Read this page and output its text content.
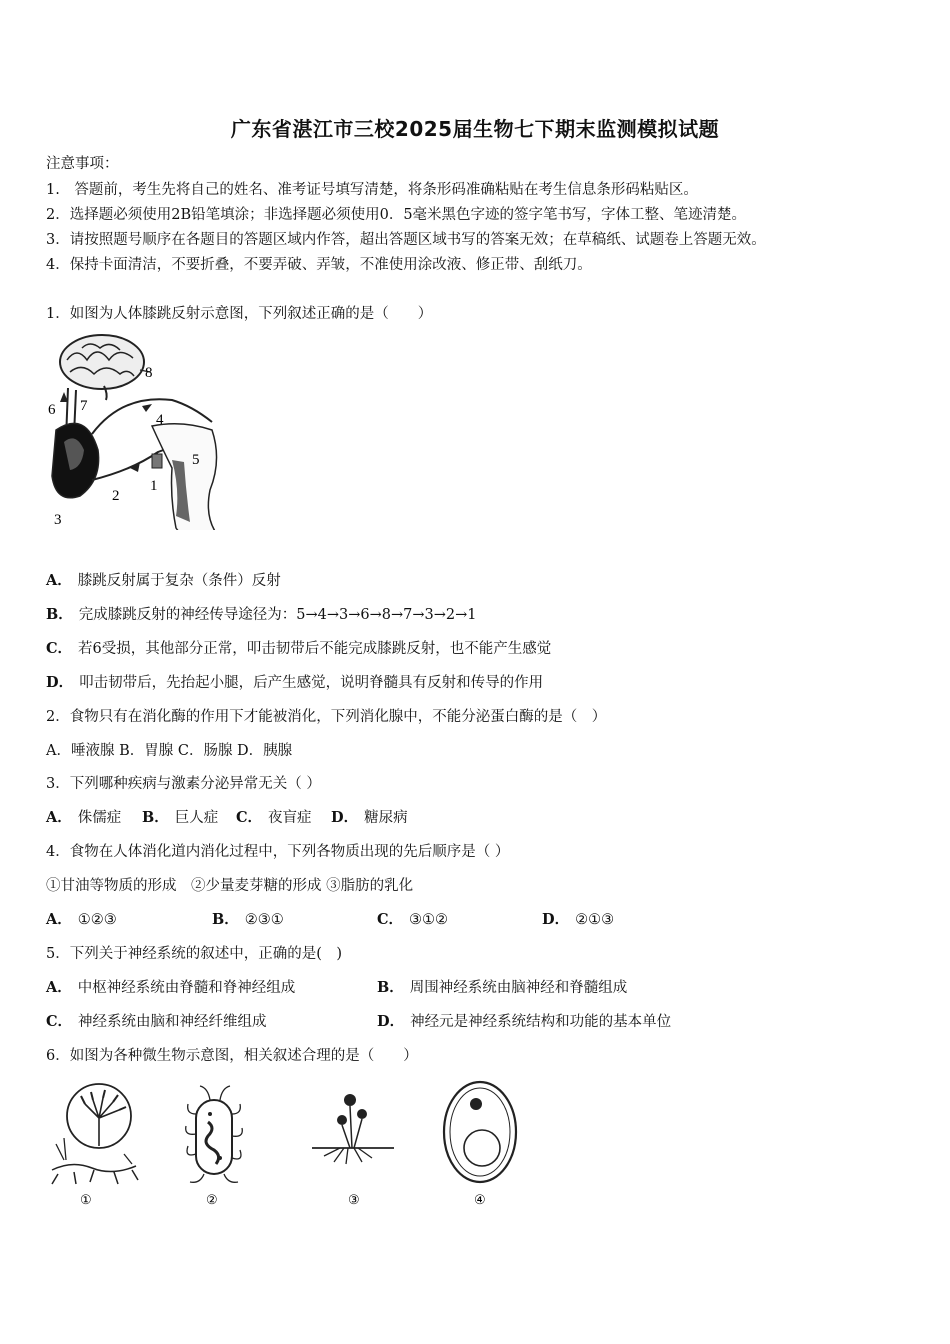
广东省湛江市三校2025届生物七下期末监测模拟试题
注意事项：
1.　答题前，考生先将自己的姓名、准考证号填写清楚，将条形码准确粘贴在考生信息条形码粘贴区。
2．选择题必须使用2B铅笔填涂；非选择题必须使用0．5毫米黑色字迹的签字笔书写，字体工整、笔迹清楚。
3．请按照题号顺序在各题目的答题区域内作答，超出答题区域书写的答案无效；在草稿纸、试题卷上答题无效。
4．保持卡面清洁，不要折叠，不要弄破、弄皱，不准使用涂改液、修正带、刮纸刀。
1．如图为人体膝跳反射示意图，下列叙述正确的是（　　）
8
6 7
4
5
1
2
3
A． 膝跳反射属于复杂（条件）反射
B． 完成膝跳反射的神经传导途径为：5→4→3→6→8→7→3→2→1
C． 若6受损，其他部分正常，叩击韧带后不能完成膝跳反射，也不能产生感觉
D． 叩击韧带后，先抬起小腿，后产生感觉，说明脊髓具有反射和传导的作用
2．食物只有在消化酶的作用下才能被消化，下列消化腺中，不能分泌蛋白酶的是（　）
A．唾液腺 B．胃腺 C．肠腺 D．胰腺
3．下列哪种疾病与激素分泌异常无关（ ）
A． 侏儒症 B． 巨人症 C． 夜盲症 D． 糖尿病
4．食物在人体消化道内消化过程中，下列各物质出现的先后顺序是（ ）
①甘油等物质的形成　②少量麦芽糖的形成 ③脂肪的乳化
A． ①②③	B． ②③①	C． ③①②	D． ②①③
5．下列关于神经系统的叙述中，正确的是(　)
A． 中枢神经系统由脊髓和脊神经组成	B． 周围神经系统由脑神经和脊髓组成
C． 神经系统由脑和神经纤维组成	D． 神经元是神经系统结构和功能的基本单位
6．如图为各种微生物示意图，相关叙述合理的是（　　）
①	②	③	④
